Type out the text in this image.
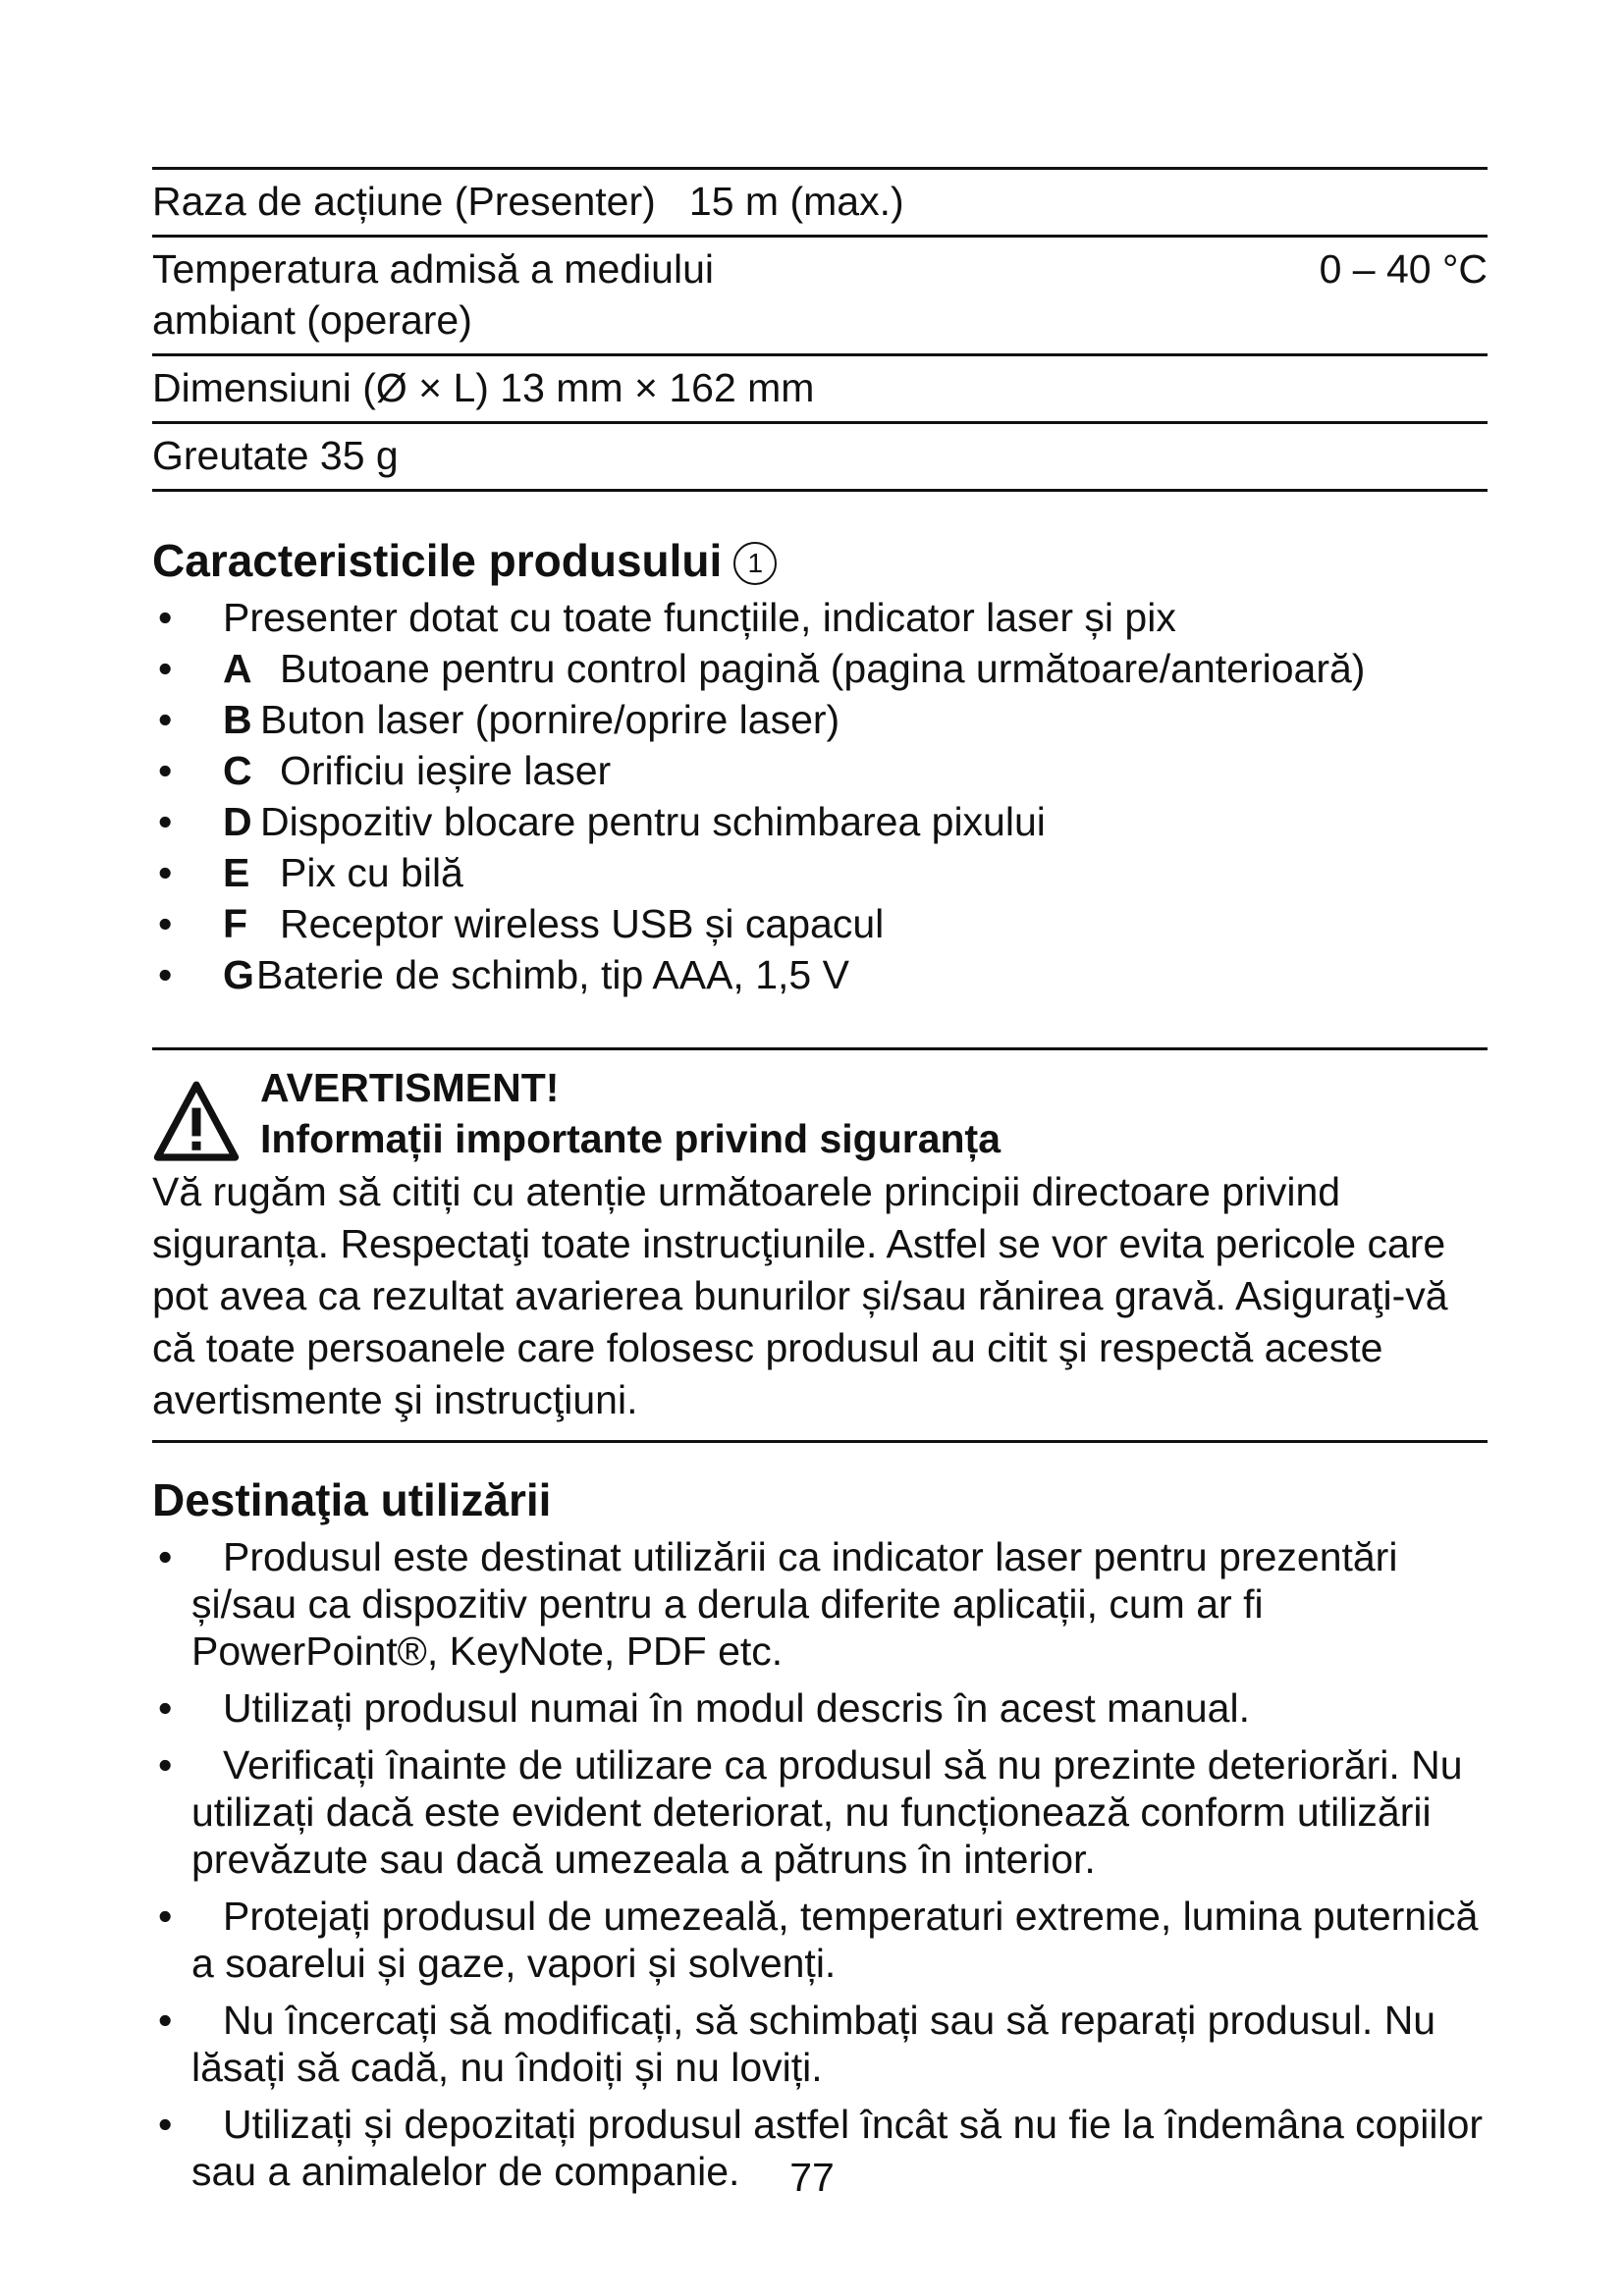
Raza de acțiune (Presenter)   15 m (max.)
Temperatura admisă a mediului ambiant (operare)
0 – 40 °C
Dimensiuni (Ø × L) 13 mm × 162 mm
Greutate 35 g
Caracteristicile produsului 1
• Presenter dotat cu toate funcțiile, indicator laser și pix
• A Butoane pentru control pagină (pagina următoare/anterioară)
• B Buton laser (pornire/oprire laser)
• C Orificiu ieșire laser
• D Dispozitiv blocare pentru schimbarea pixului
• E Pix cu bilă
• F Receptor wireless USB și capacul
• GBaterie de schimb, tip AAA, 1,5 V
AVERTISMENT!
Informații importante privind siguranța

Vă rugăm să citiți cu atenție următoarele principii directoare privind siguranța. Respectaţi toate instrucţiunile. Astfel se vor evita pericole care pot avea ca rezultat avarierea bunurilor și/sau rănirea gravă. Asiguraţi-vă că toate persoanele care folosesc produsul au citit şi respectă aceste avertismente şi instrucţiuni.

Destinaţia utilizării
• Produsul este destinat utilizării ca indicator laser pentru prezentări și/sau ca dispozitiv pentru a derula diferite aplicații, cum ar fi PowerPoint®, KeyNote, PDF etc.
• Utilizați produsul numai în modul descris în acest manual.
• Verificați înainte de utilizare ca produsul să nu prezinte deteriorări. Nu utilizați dacă este evident deteriorat, nu funcționează conform utilizării prevăzute sau dacă umezeala a pătruns în interior.
• Protejați produsul de umezeală, temperaturi extreme, lumina puternică a soarelui și gaze, vapori și solvenți.
• Nu încercați să modificați, să schimbați sau să reparați produsul. Nu lăsați să cadă, nu îndoiți și nu loviți.
• Utilizați și depozitați produsul astfel încât să nu fie la îndemâna copiilor sau a animalelor de companie.	77
